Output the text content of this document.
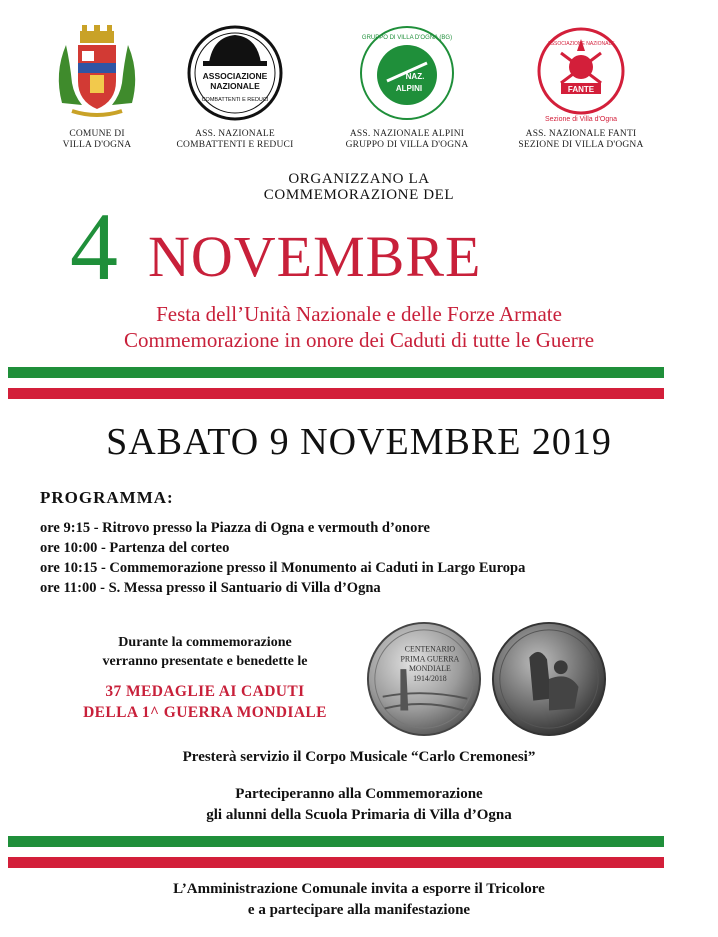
COMUNE DI
VILLA D'OGNA
ASSOCIAZIONE
NAZIONALE
COMBATTENTI E REDUCI
ASS. NAZIONALE
COMBATTENTI E REDUCI
GRUPPO DI VILLA D'OGNA (BG)
NAZ.
ALPINI
ASS. NAZIONALE ALPINI
GRUPPO DI VILLA D'OGNA
FANTE
ASSOCIAZIONE NAZIONALE
Sezione di Villa d'Ogna
ASS. NAZIONALE FANTI
SEZIONE DI VILLA D'OGNA
ORGANIZZANO LA
COMMEMORAZIONE DEL
4 NOVEMBRE
Festa dell’Unità Nazionale e delle Forze Armate
Commemorazione in onore dei Caduti di tutte le Guerre
SABATO 9 NOVEMBRE 2019
PROGRAMMA:
ore 9:15 - Ritrovo presso la Piazza di Ogna e vermouth d’onore
ore 10:00 - Partenza del corteo
ore 10:15 - Commemorazione presso il Monumento ai Caduti in Largo Europa
ore 11:00 - S. Messa presso il Santuario di Villa d’Ogna
Durante la commemorazione
verranno presentate e benedette le
37 MEDAGLIE AI CADUTI
DELLA 1^ GUERRA MONDIALE
CENTENARIO
PRIMA GUERRA
MONDIALE
1914/2018
Presterà servizio il Corpo Musicale “Carlo Cremonesi”
Parteciperanno alla Commemorazione
gli alunni della Scuola Primaria di Villa d’Ogna
L’Amministrazione Comunale invita a esporre il Tricolore
e a partecipare alla manifestazione
